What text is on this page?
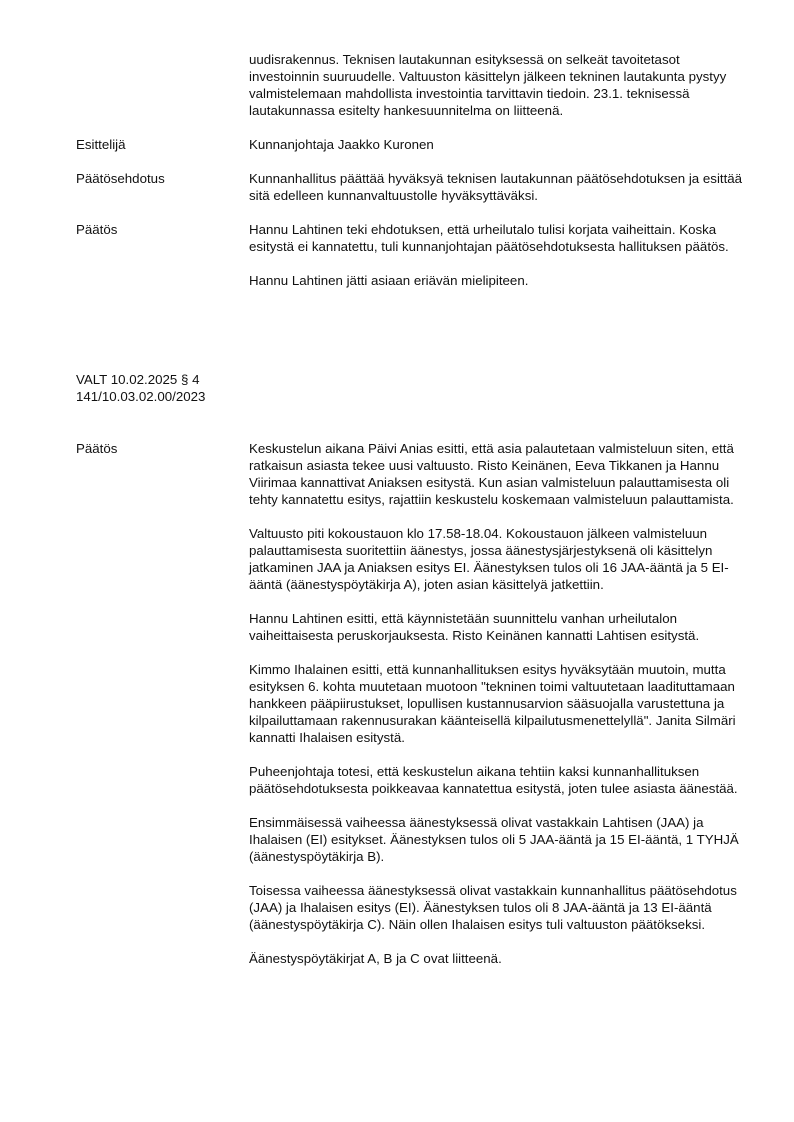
uudisrakennus. Teknisen lautakunnan esityksessä on selkeät tavoitetasot investoinnin suuruudelle. Valtuuston käsittelyn jälkeen tekninen lautakunta pystyy valmistelemaan mahdollista investointia tarvittavin tiedoin. 23.1. teknisessä lautakunnassa esitelty hankesuunnitelma on liitteenä.
Esittelijä	Kunnanjohtaja Jaakko Kuronen
Päätösehdotus	Kunnanhallitus päättää hyväksyä teknisen lautakunnan päätösehdotuksen ja esittää sitä edelleen kunnanvaltuustolle hyväksyttäväksi.
Päätös	Hannu Lahtinen teki ehdotuksen, että urheilutalo tulisi korjata vaiheittain. Koska esitystä ei kannatettu, tuli kunnanjohtajan päätösehdotuksesta hallituksen päätös.

Hannu Lahtinen jätti asiaan eriävän mielipiteen.

VALT 10.02.2025 § 4
141/10.03.02.00/2023
Päätös	Keskustelun aikana Päivi Anias esitti, että asia palautetaan valmisteluun siten, että ratkaisun asiasta tekee uusi valtuusto. Risto Keinänen, Eeva Tikkanen ja Hannu Viirimaa kannattivat Aniaksen esitystä. Kun asian valmisteluun palauttamisesta oli tehty kannatettu esitys, rajattiin keskustelu koskemaan valmisteluun palauttamista.

Valtuusto piti kokoustauon klo 17.58-18.04. Kokoustauon jälkeen valmisteluun palauttamisesta suoritettiin äänestys, jossa äänestysjärjestyksenä oli käsittelyn jatkaminen JAA ja Aniaksen esitys EI. Äänestyksen tulos oli 16 JAA-ääntä ja 5 EI-ääntä (äänestyspöytäkirja A), joten asian käsittelyä jatkettiin.

Hannu Lahtinen esitti, että käynnistetään suunnittelu vanhan urheilutalon vaiheittaisesta peruskorjauksesta. Risto Keinänen kannatti Lahtisen esitystä.

Kimmo Ihalainen esitti, että kunnanhallituksen esitys hyväksytään muutoin, mutta esityksen 6. kohta muutetaan muotoon "tekninen toimi valtuutetaan laadituttamaan hankkeen pääpiirustukset, lopullisen kustannusarvion sääsuojalla varustettuna ja kilpailuttamaan rakennusurakan käänteisellä kilpailutusmenettelyllä". Janita Silmäri kannatti Ihalaisen esitystä.

Puheenjohtaja totesi, että keskustelun aikana tehtiin kaksi kunnanhallituksen päätösehdotuksesta poikkeavaa kannatettua esitystä, joten tulee asiasta äänestää.

Ensimmäisessä vaiheessa äänestyksessä olivat vastakkain Lahtisen (JAA) ja Ihalaisen (EI) esitykset. Äänestyksen tulos oli 5 JAA-ääntä ja 15 EI-ääntä, 1 TYHJÄ (äänestyspöytäkirja B).

Toisessa vaiheessa äänestyksessä olivat vastakkain kunnanhallitus päätösehdotus (JAA) ja Ihalaisen esitys (EI). Äänestyksen tulos oli 8 JAA-ääntä ja 13 EI-ääntä (äänestyspöytäkirja C). Näin ollen Ihalaisen esitys tuli valtuuston päätökseksi.

Äänestyspöytäkirjat A, B ja C ovat liitteenä.
